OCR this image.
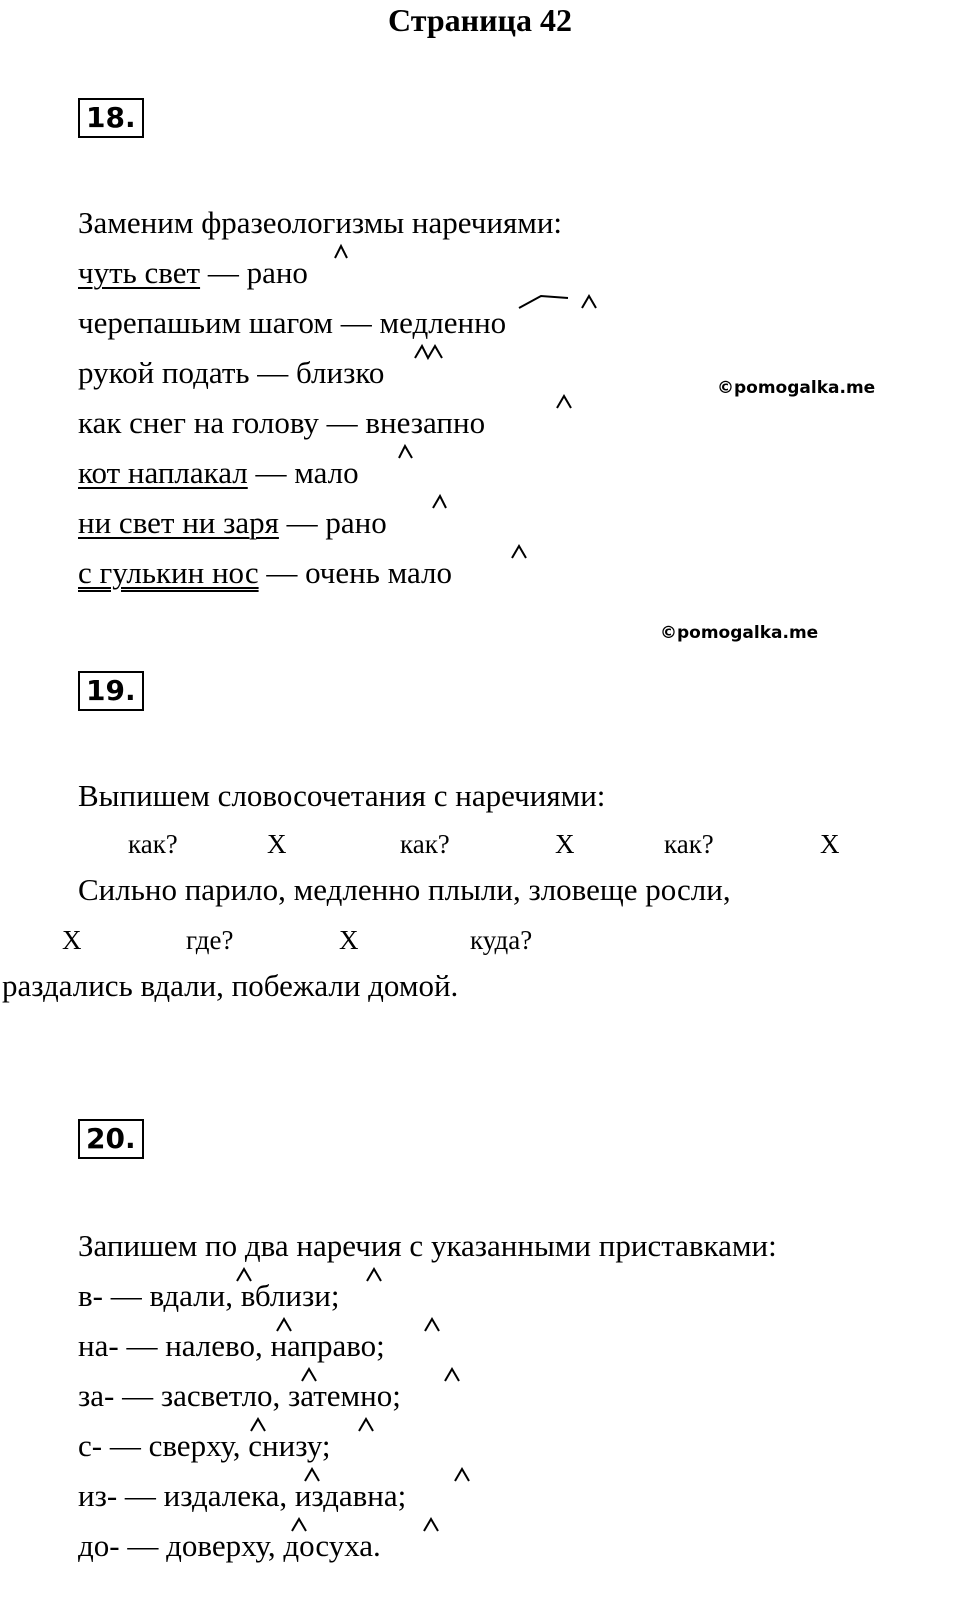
Страница 42
18.
Заменим фразеологизмы наречиями:
чуть свет — рано
черепашьим шагом — медленно
рукой подать — близко
как снег на голову — внезапно
кот наплакал — мало
ни свет ни заря — рано
с гулькин нос — очень мало
©pomogalka.me
©pomogalka.me
19.
Выпишем словосочетания с наречиями:
как?	Х	как?	Х	как?	Х
Сильно парило, медленно плыли, зловеще росли,
Х	где?	Х	куда?
раздались вдали, побежали домой.
20.
Запишем по два наречия с указанными приставками:
в- — вдали, вблизи;
на- — налево, направо;
за- — засветло, затемно;
с- — сверху, снизу;
из- — издалека, издавна;
до- — доверху, досуха.
